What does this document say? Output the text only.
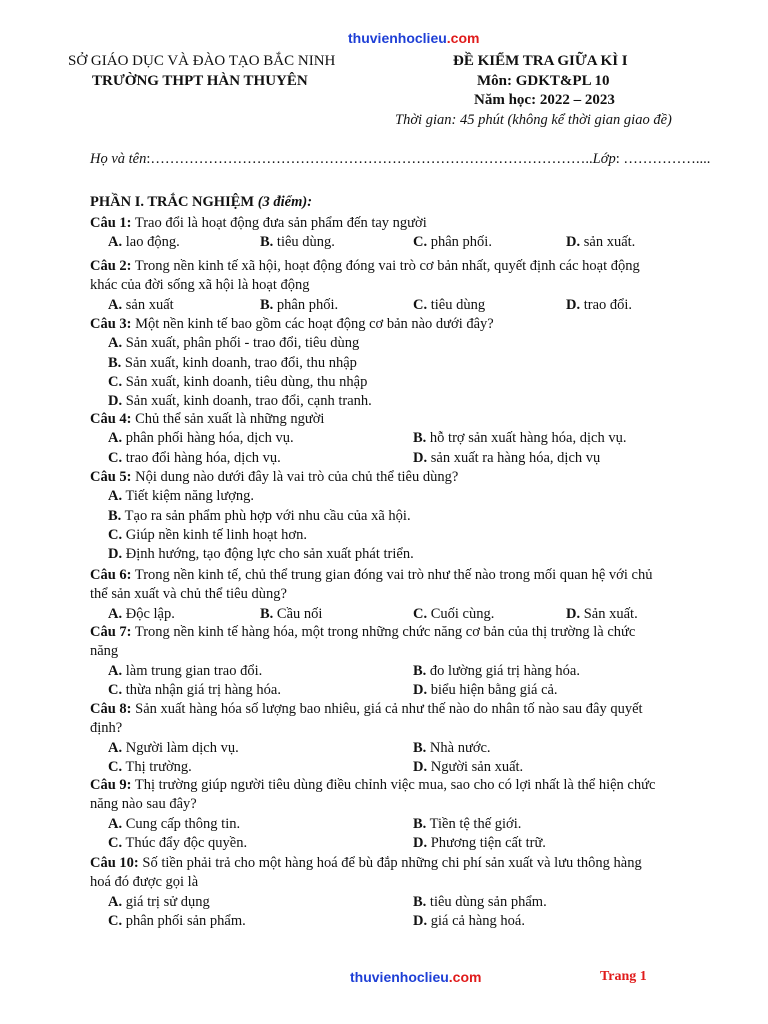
thuvienhoclieu.com
SỞ GIÁO DỤC VÀ ĐÀO TẠO BẮC NINH
TRƯỜNG THPT HÀN THUYÊN
ĐỀ KIỂM TRA GIỮA KÌ I
Môn: GDKT&PL 10
Năm học: 2022 – 2023
Thời gian: 45 phút (không kể thời gian giao đề)
Họ và tên:………………………………………………………………………………..Lớp: ……………....
PHẦN I. TRẮC NGHIỆM (3 điểm):
Câu 1: Trao đổi là hoạt động đưa sản phẩm đến tay người
A. lao động.	B. tiêu dùng.	C. phân phối.	D. sản xuất.
Câu 2: Trong nền kinh tế xã hội, hoạt động đóng vai trò cơ bản nhất, quyết định các hoạt động
khác của đời sống xã hội là hoạt động
A. sản xuất	B. phân phối.	C. tiêu dùng	D. trao đổi.
Câu 3: Một nền kinh tế bao gồm các hoạt động cơ bản nào dưới đây?
A. Sản xuất, phân phối - trao đổi, tiêu dùng
B. Sản xuất, kinh doanh, trao đổi, thu nhập
C. Sản xuất, kinh doanh, tiêu dùng, thu nhập
D. Sản xuất, kinh doanh, trao đổi, cạnh tranh.
Câu 4: Chủ thể sản xuất là những người
A. phân phối hàng hóa, dịch vụ.	B. hỗ trợ sản xuất hàng hóa, dịch vụ.
C. trao đổi hàng hóa, dịch vụ.	D. sản xuất ra hàng hóa, dịch vụ
Câu 5: Nội dung nào dưới đây là vai trò của chủ thể tiêu dùng?
A. Tiết kiệm năng lượng.
B. Tạo ra sản phẩm phù hợp với nhu cầu của xã hội.
C. Giúp nền kinh tế linh hoạt hơn.
D. Định hướng, tạo động lực cho sản xuất phát triển.
Câu 6: Trong nền kinh tế, chủ thể trung gian đóng vai trò như thế nào trong mối quan hệ với chủ
thể sản xuất và chủ thể tiêu dùng?
A. Độc lập.	B. Cầu nối	C. Cuối cùng.	D. Sản xuất.
Câu 7: Trong nền kinh tế hàng hóa, một trong những chức năng cơ bản của thị trường là chức
năng
A. làm trung gian trao đổi.	B. đo lường giá trị hàng hóa.
C. thừa nhận giá trị hàng hóa.	D. biểu hiện bằng giá cả.
Câu 8: Sản xuất hàng hóa số lượng bao nhiêu, giá cả như thế nào do nhân tố nào sau đây quyết
định?
A. Người làm dịch vụ.	B. Nhà nước.
C. Thị trường.	D. Người sản xuất.
Câu 9: Thị trường giúp người tiêu dùng điều chỉnh việc mua, sao cho có lợi nhất là thể hiện chức
năng nào sau đây?
A. Cung cấp thông tin.	B. Tiền tệ thế giới.
C. Thúc đẩy độc quyền.	D. Phương tiện cất trữ.
Câu 10: Số tiền phải trả cho một hàng hoá để bù đắp những chi phí sản xuất và lưu thông hàng
hoá đó được gọi là
A. giá trị sử dụng	B. tiêu dùng sản phẩm.
C. phân phối sản phẩm.	D. giá cả hàng hoá.
thuvienhoclieu.com	Trang 1
